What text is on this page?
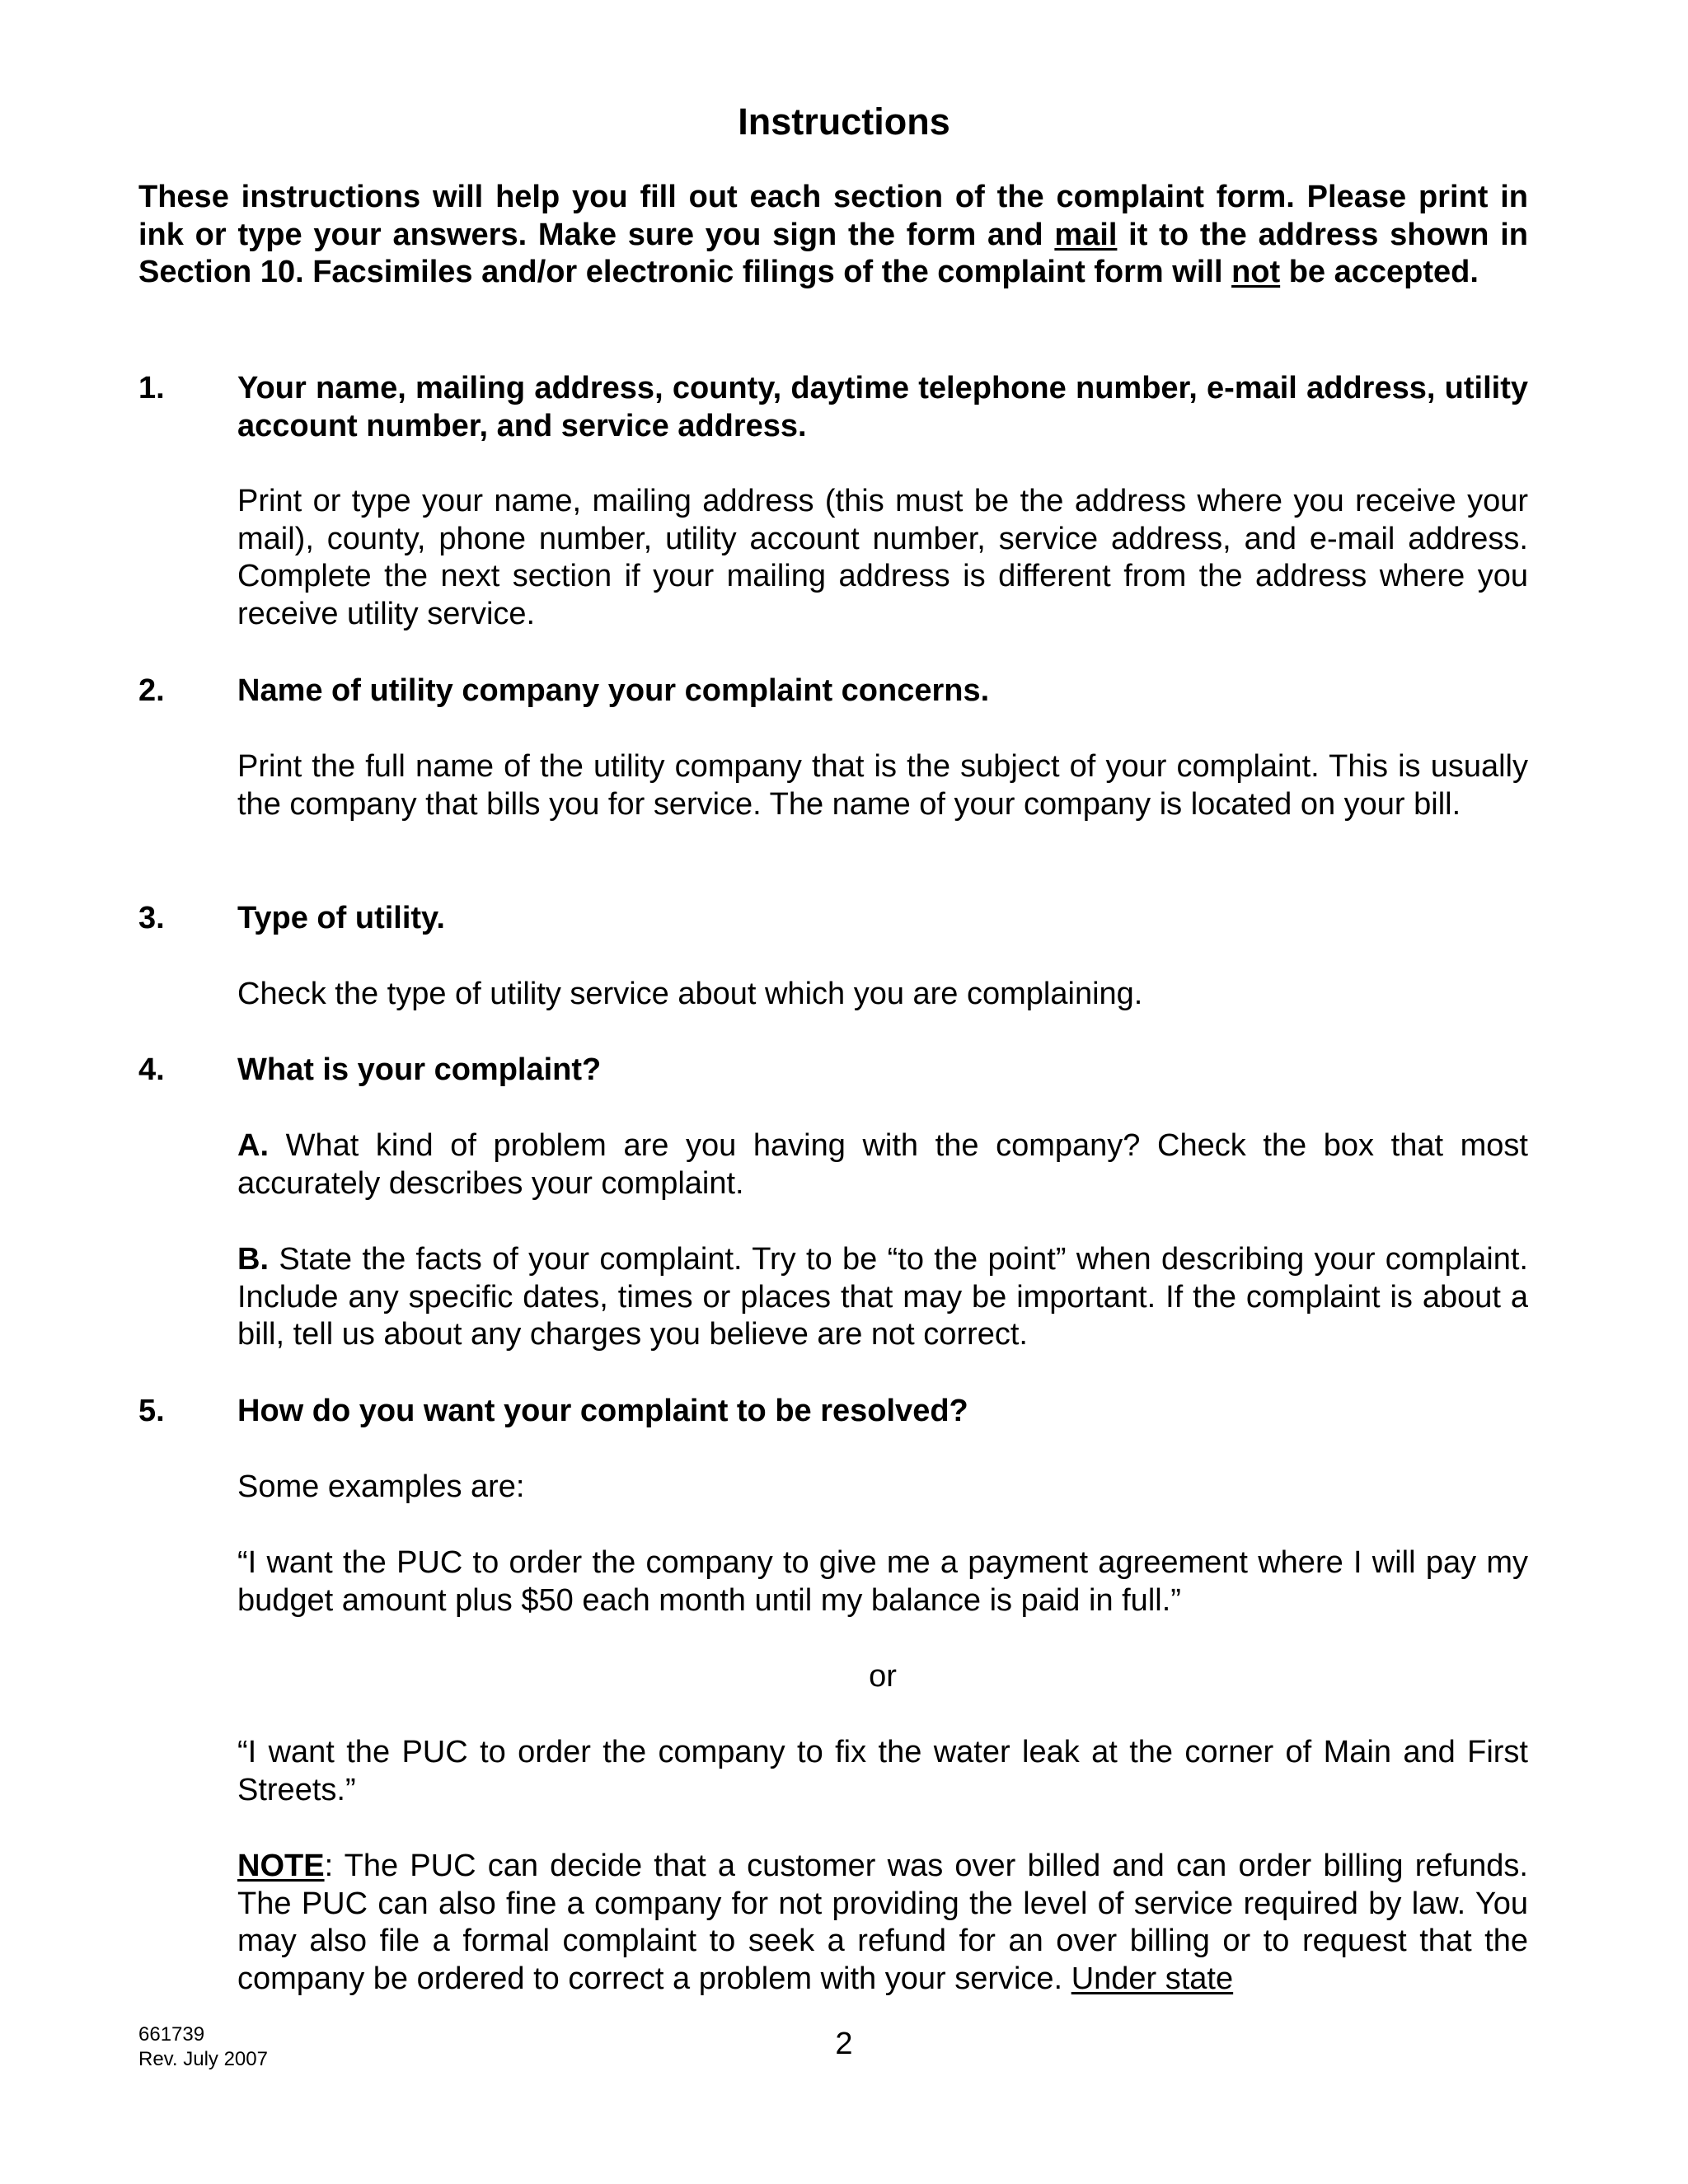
Instructions
These instructions will help you fill out each section of the complaint form. Please print in ink or type your answers. Make sure you sign the form and mail it to the address shown in Section 10. Facsimiles and/or electronic filings of the complaint form will not be accepted.
1. Your name, mailing address, county, daytime telephone number, e-mail address, utility account number, and service address.
Print or type your name, mailing address (this must be the address where you receive your mail), county, phone number, utility account number, service address, and e-mail address. Complete the next section if your mailing address is different from the address where you receive utility service.
2. Name of utility company your complaint concerns.
Print the full name of the utility company that is the subject of your complaint. This is usually the company that bills you for service. The name of your company is located on your bill.
3. Type of utility.
Check the type of utility service about which you are complaining.
4. What is your complaint?
A. What kind of problem are you having with the company? Check the box that most accurately describes your complaint.
B. State the facts of your complaint. Try to be “to the point” when describing your complaint. Include any specific dates, times or places that may be important. If the complaint is about a bill, tell us about any charges you believe are not correct.
5. How do you want your complaint to be resolved?
Some examples are:
“I want the PUC to order the company to give me a payment agreement where I will pay my budget amount plus $50 each month until my balance is paid in full.”
or
“I want the PUC to order the company to fix the water leak at the corner of Main and First Streets.”
NOTE: The PUC can decide that a customer was over billed and can order billing refunds. The PUC can also fine a company for not providing the level of service required by law. You may also file a formal complaint to seek a refund for an over billing or to request that the company be ordered to correct a problem with your service. Under state
661739
Rev. July 2007	2
